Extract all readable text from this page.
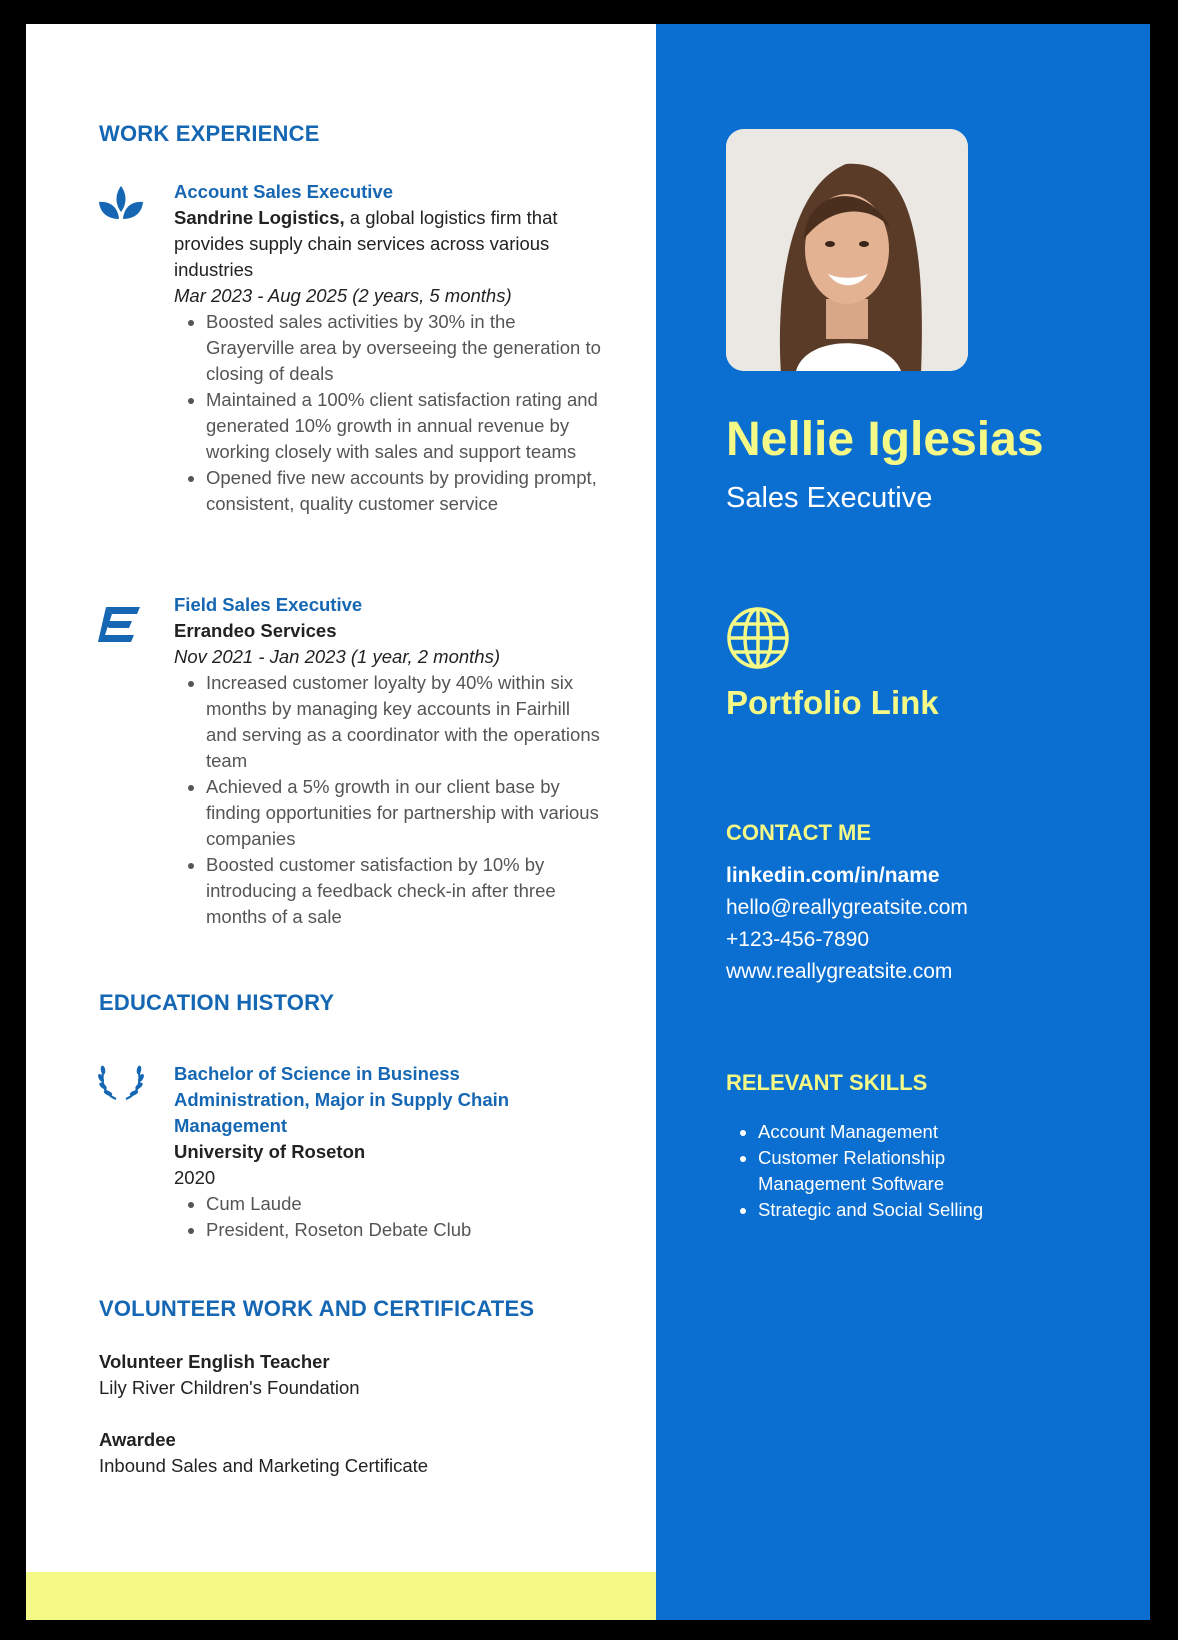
WORK EXPERIENCE
Account Sales Executive
Sandrine Logistics, a global logistics firm that provides supply chain services across various industries
Mar 2023 - Aug 2025 (2 years, 5 months)
• Boosted sales activities by 30% in the Grayerville area by overseeing the generation to closing of deals
• Maintained a 100% client satisfaction rating and generated 10% growth in annual revenue by working closely with sales and support teams
• Opened five new accounts by providing prompt, consistent, quality customer service
Field Sales Executive
Errandeo Services
Nov 2021 - Jan 2023 (1 year, 2 months)
• Increased customer loyalty by 40% within six months by managing key accounts in Fairhill and serving as a coordinator with the operations team
• Achieved a 5% growth in our client base by finding opportunities for partnership with various companies
• Boosted customer satisfaction by 10% by introducing a feedback check-in after three months of a sale
EDUCATION HISTORY
Bachelor of Science in Business Administration, Major in Supply Chain Management
University of Roseton
2020
• Cum Laude
• President, Roseton Debate Club
VOLUNTEER WORK AND CERTIFICATES
Volunteer English Teacher
Lily River Children's Foundation
Awardee
Inbound Sales and Marketing Certificate
Nellie Iglesias
Sales Executive
Portfolio Link
CONTACT ME
linkedin.com/in/name
hello@reallygreatsite.com
+123-456-7890
www.reallygreatsite.com
RELEVANT SKILLS
• Account Management
• Customer Relationship Management Software
• Strategic and Social Selling
